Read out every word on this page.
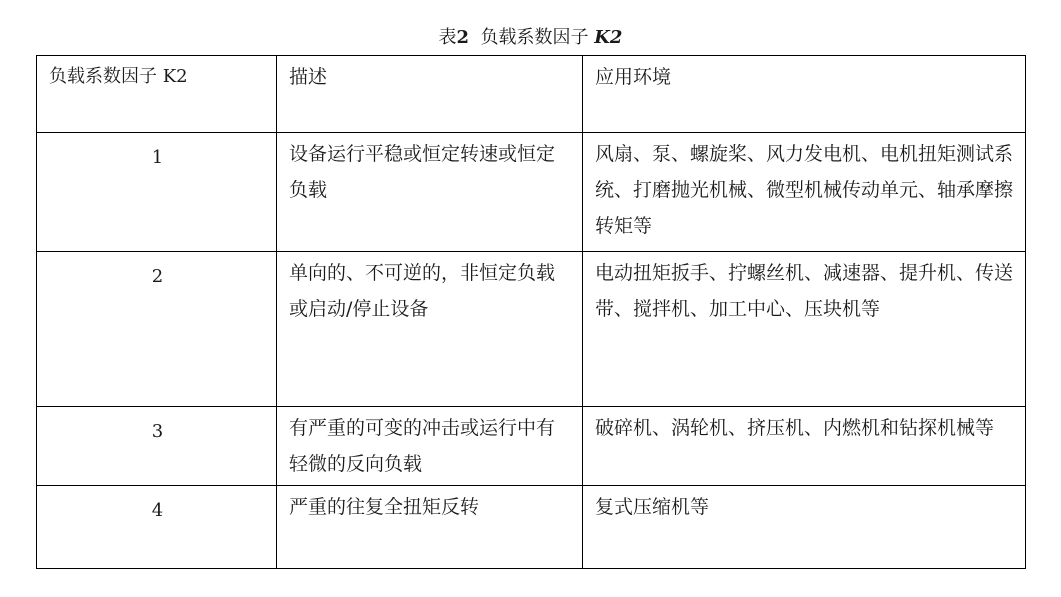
表2 负载系数因子 K2
负载系数因子 K2	描述	应用环境
1	设备运行平稳或恒定转速或恒定负载	风扇、泵、螺旋桨、风力发电机、电机扭矩测试系统、打磨抛光机械、微型机械传动单元、轴承摩擦转矩等
2	单向的、不可逆的，非恒定负载或启动/停止设备	电动扭矩扳手、拧螺丝机、减速器、提升机、传送带、搅拌机、加工中心、压块机等
3	有严重的可变的冲击或运行中有轻微的反向负载	破碎机、涡轮机、挤压机、内燃机和钻探机械等
4	严重的往复全扭矩反转	复式压缩机等
